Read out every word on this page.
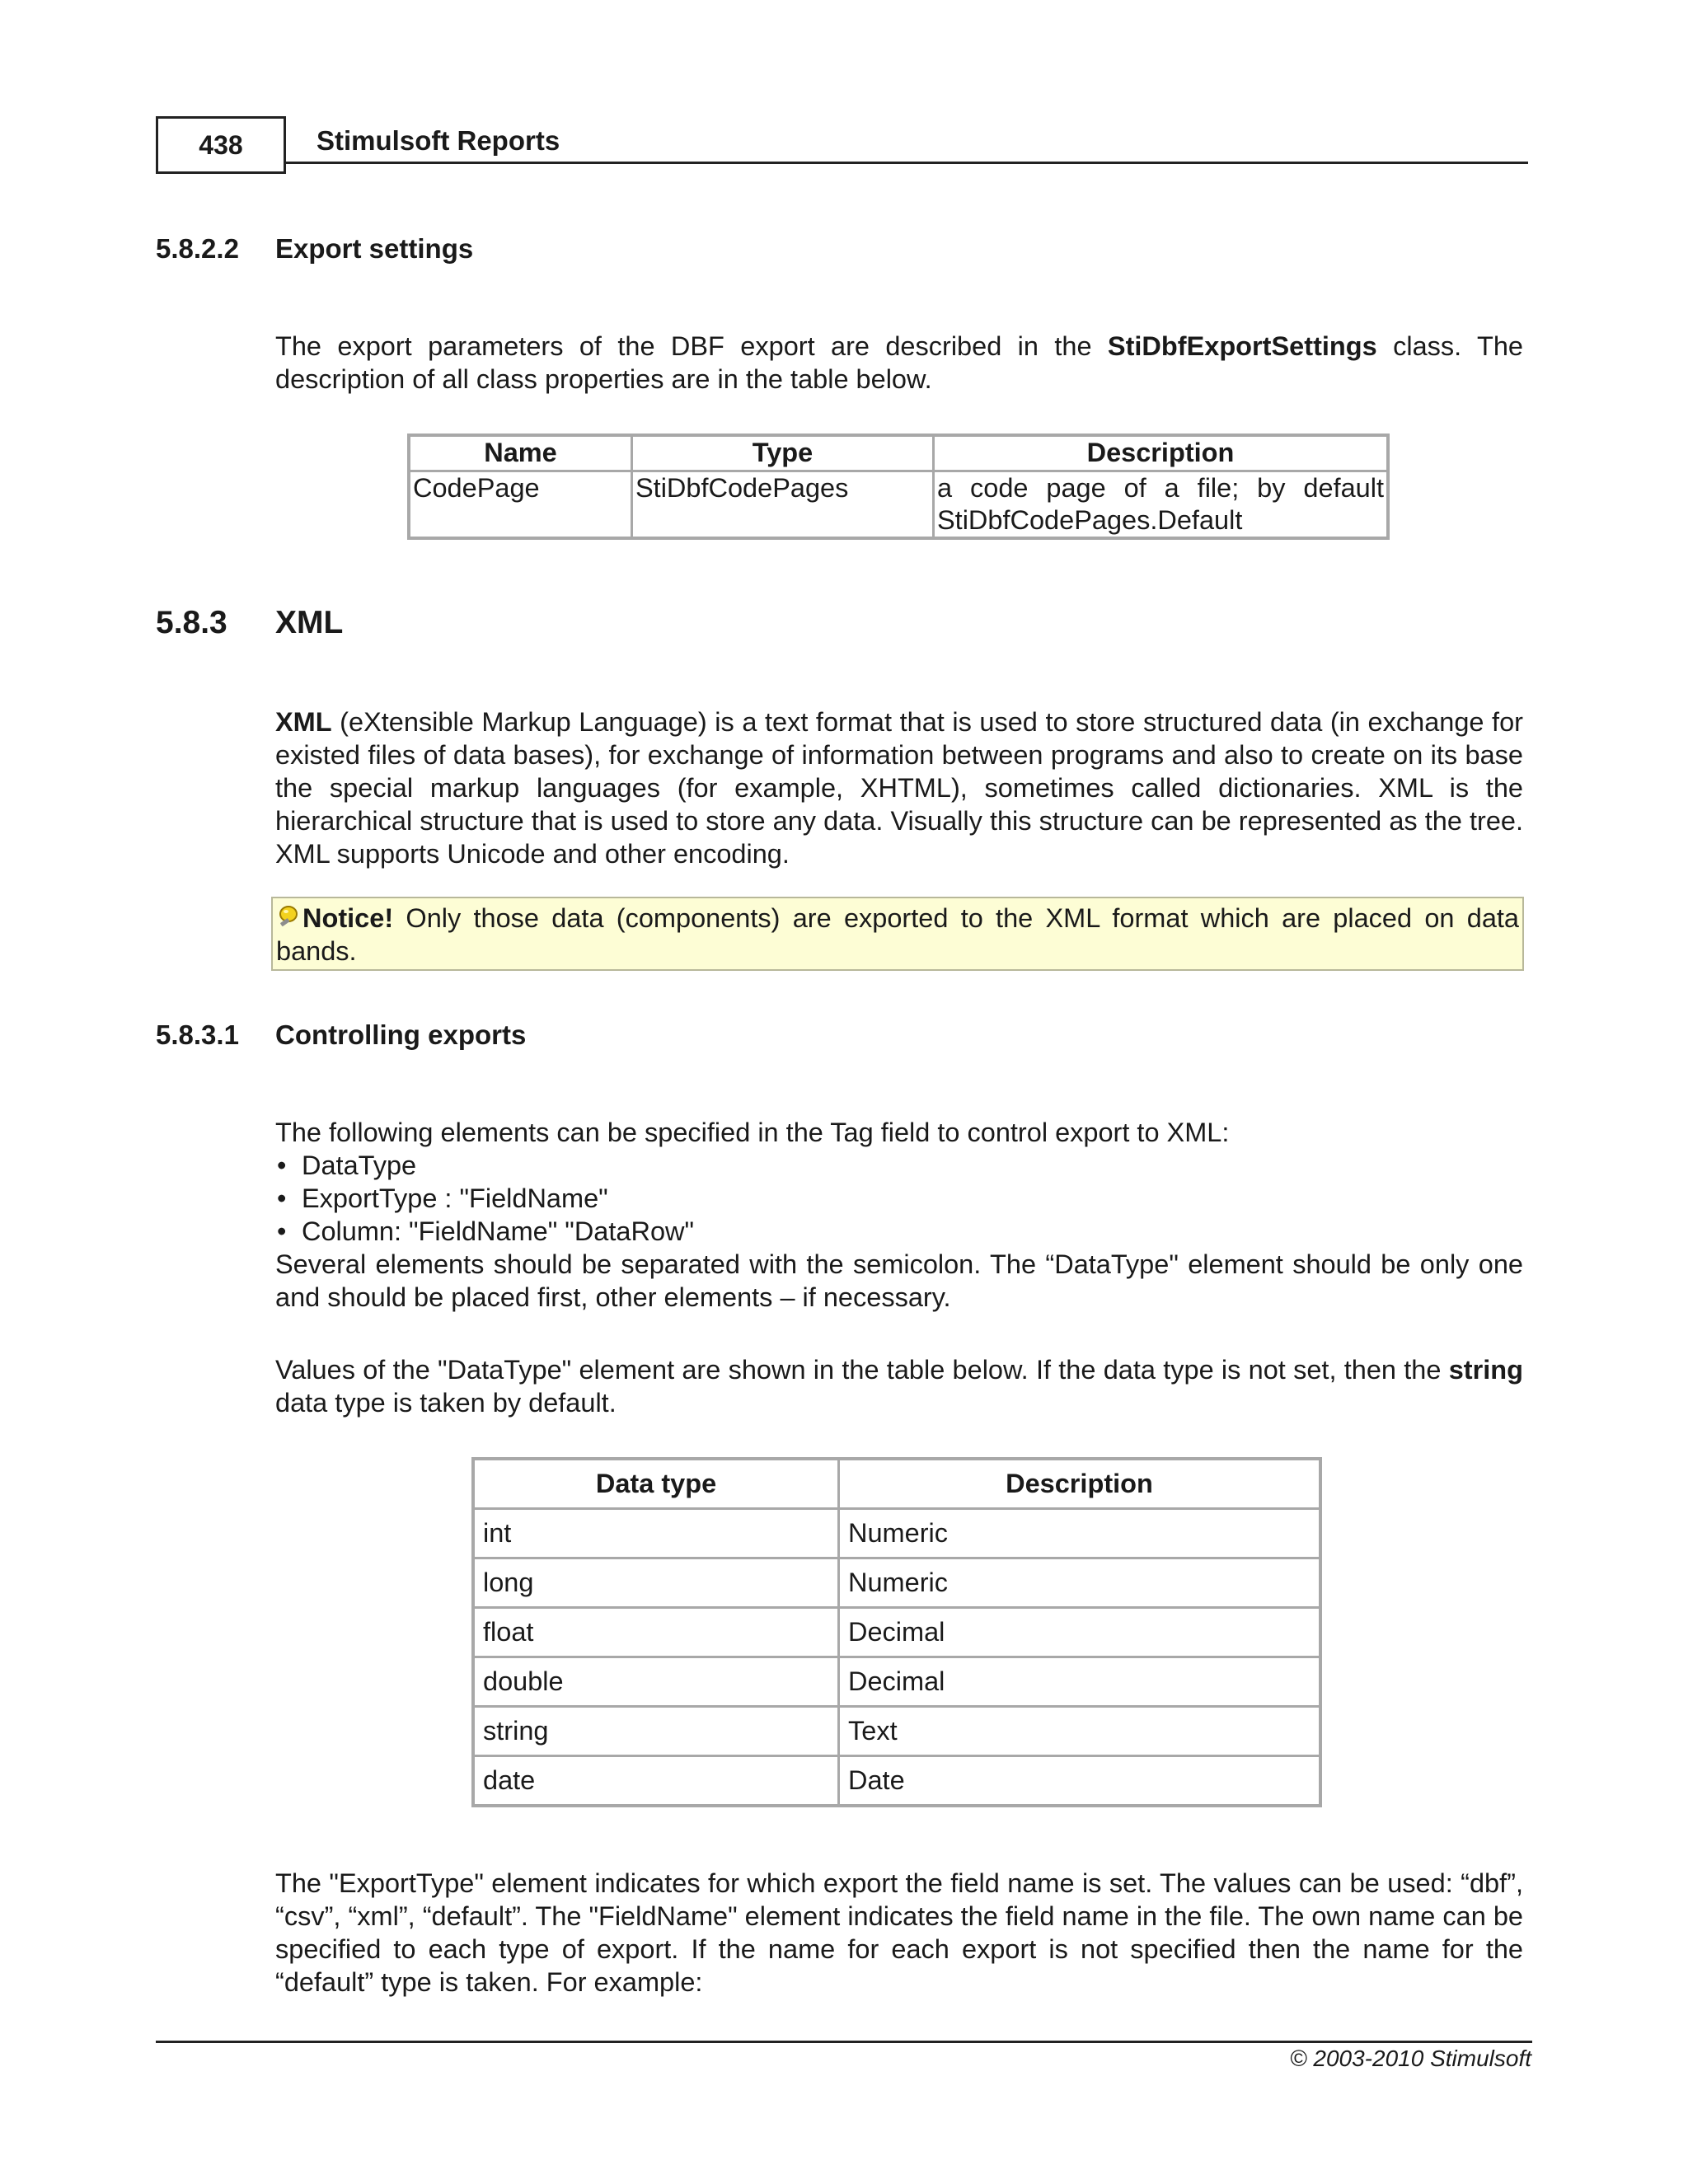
438	Stimulsoft Reports
5.8.2.2 Export settings
The export parameters of the DBF export are described in the StiDbfExportSettings class. The description of all class properties are in the table below.
Name	Type	Description
CodePage	StiDbfCodePages	a code page of a file; by default StiDbfCodePages.Default
5.8.3 XML
XML (eXtensible Markup Language) is a text format that is used to store structured data (in exchange for existed files of data bases), for exchange of information between programs and also to create on its base the special markup languages (for example, XHTML), sometimes called dictionaries. XML is the hierarchical structure that is used to store any data. Visually this structure can be represented as the tree. XML supports Unicode and other encoding.
Notice! Only those data (components) are exported to the XML format which are placed on data bands.
5.8.3.1 Controlling exports
The following elements can be specified in the Tag field to control export to XML:
• DataType
• ExportType : "FieldName"
• Column: "FieldName" "DataRow"
Several elements should be separated with the semicolon. The “DataType" element should be only one and should be placed first, other elements – if necessary.
Values of the "DataType" element are shown in the table below. If the data type is not set, then the string data type is taken by default.
Data type	Description
int	Numeric
long	Numeric
float	Decimal
double	Decimal
string	Text
date	Date
The "ExportType" element indicates for which export the field name is set. The values can be used: “dbf”, “csv”, “xml”, “default”. The "FieldName" element indicates the field name in the file. The own name can be specified to each type of export. If the name for each export is not specified then the name for the “default” type is taken. For example:
© 2003-2010 Stimulsoft
